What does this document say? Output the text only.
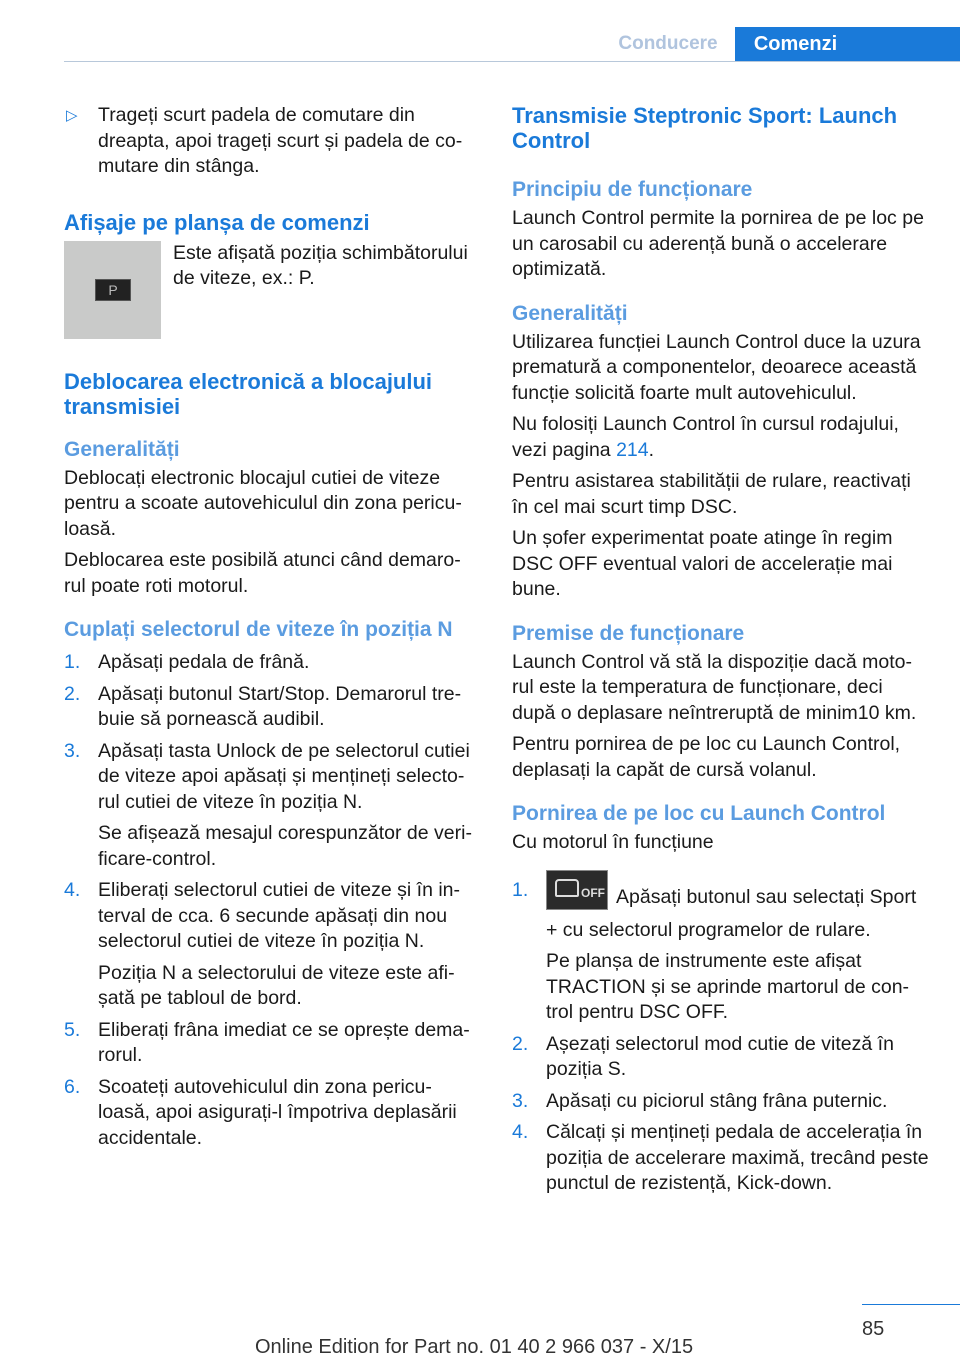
Conducere	Comenzi
▷ Trageți scurt padela de comutare din dreapta, apoi trageți scurt și padela de co‐mutare din stânga.

Afișaje pe planșa de comenzi
P

Este afișată poziția schimbătorului de viteze, ex.: P.

Deblocarea electronică a blocajului transmisiei
Generalități

Deblocați electronic blocajul cutiei de viteze pentru a scoate autovehiculul din zona pericu‐loasă.

Deblocarea este posibilă atunci când demaro‐rul poate roti motorul.

Cuplați selectorul de viteze în poziția N
1. Apăsați pedala de frână.

2. Apăsați butonul Start/Stop. Demarorul tre‐buie să pornească audibil.

3. Apăsați tasta Unlock de pe selectorul cutiei de viteze apoi apăsați și mențineți selecto‐rul cutiei de viteze în poziția N.

Se afișează mesajul corespunzător de veri‐ficare-control.

4. Eliberați selectorul cutiei de viteze și în in‐terval de cca. 6 secunde apăsați din nou selectorul cutiei de viteze în poziția N.

Poziția N a selectorului de viteze este afi‐șată pe tabloul de bord.

5. Eliberați frâna imediat ce se oprește dema‐rorul.

6. Scoateți autovehiculul din zona pericu‐loasă, apoi asigurați-l împotriva deplasării accidentale.

Transmisie Steptronic Sport: Launch Control
Principiu de funcționare

Launch Control permite la pornirea de pe loc pe un carosabil cu aderență bună o accelerare optimizată.

Generalități

Utilizarea funcției Launch Control duce la uzura prematură a componentelor, deoarece această funcție solicită foarte mult autovehiculul.

Nu folosiți Launch Control în cursul rodajului, vezi pagina 214.

Pentru asistarea stabilității de rulare, reactivați în cel mai scurt timp DSC.

Un șofer experimentat poate atinge în regim DSC OFF eventual valori de accelerație mai bune.

Premise de funcționare

Launch Control vă stă la dispoziție dacă moto‐rul este la temperatura de funcționare, deci după o deplasare neîntreruptă de minim10 km.

Pentru pornirea de pe loc cu Launch Control, deplasați la capăt de cursă volanul.

Pornirea de pe loc cu Launch Control

Cu motorul în funcțiune

1.	OFF Apăsați butonul sau selectați Sport + cu selectorul programelor de rulare.

Pe planșa de instrumente este afișat TRACTION și se aprinde martorul de con‐trol pentru DSC OFF.

2. Așezați selectorul mod cutie de viteză în poziția S.

3. Apăsați cu piciorul stâng frâna puternic.

4. Călcați și mențineți pedala de accelerația în poziția de accelerare maximă, trecând peste punctul de rezistență, Kick-down.

85
Online Edition for Part no. 01 40 2 966 037 - X/15
